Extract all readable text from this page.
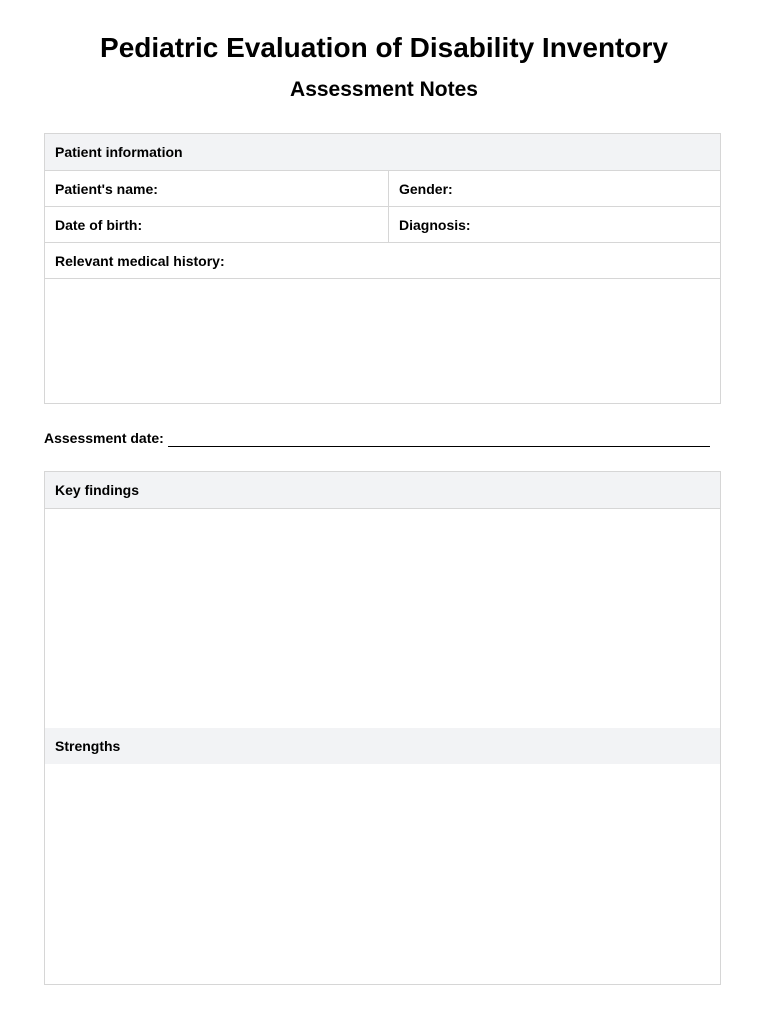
Pediatric Evaluation of Disability Inventory
Assessment Notes
Patient information
Patient's name:	Gender:
Date of birth:	Diagnosis:
Relevant medical history:
Assessment date:
Key findings
Strengths
